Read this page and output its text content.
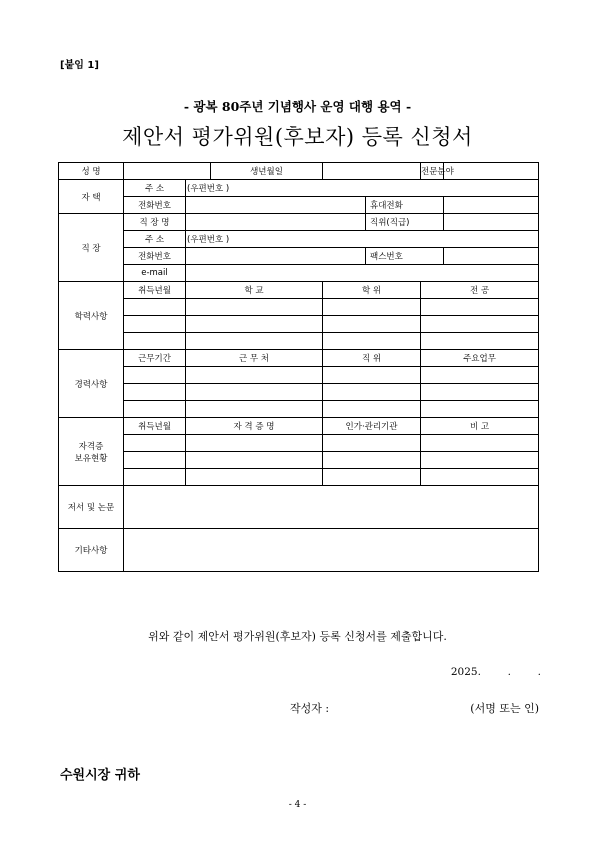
[붙임 1]
- 광복 80주년 기념행사 운영 대행 용역 -
제안서 평가위원(후보자) 등록 신청서
성 명			생년월일			전문분야	
자 택	주 소	(우편번호 )					
	전화번호				휴대전화		
직 장	직 장 명				직위(직급)		
	주 소	(우편번호 )					
	전화번호				팩스번호		
	e-mail						
학력사항	취득년월	학 교		학 위		전 공	

경력사항	근무기간	근 무 처		직 위		주요업무	

자격증
보유현황	취득년월	자 격 증 명		인가·관리기관		비 고	

저서 및 논문							
기타사항							
위와 같이 제안서 평가위원(후보자) 등록 신청서를 제출합니다.
2025.        .        .
작성자 :	(서명 또는 인)
수원시장 귀하
- 4 -
